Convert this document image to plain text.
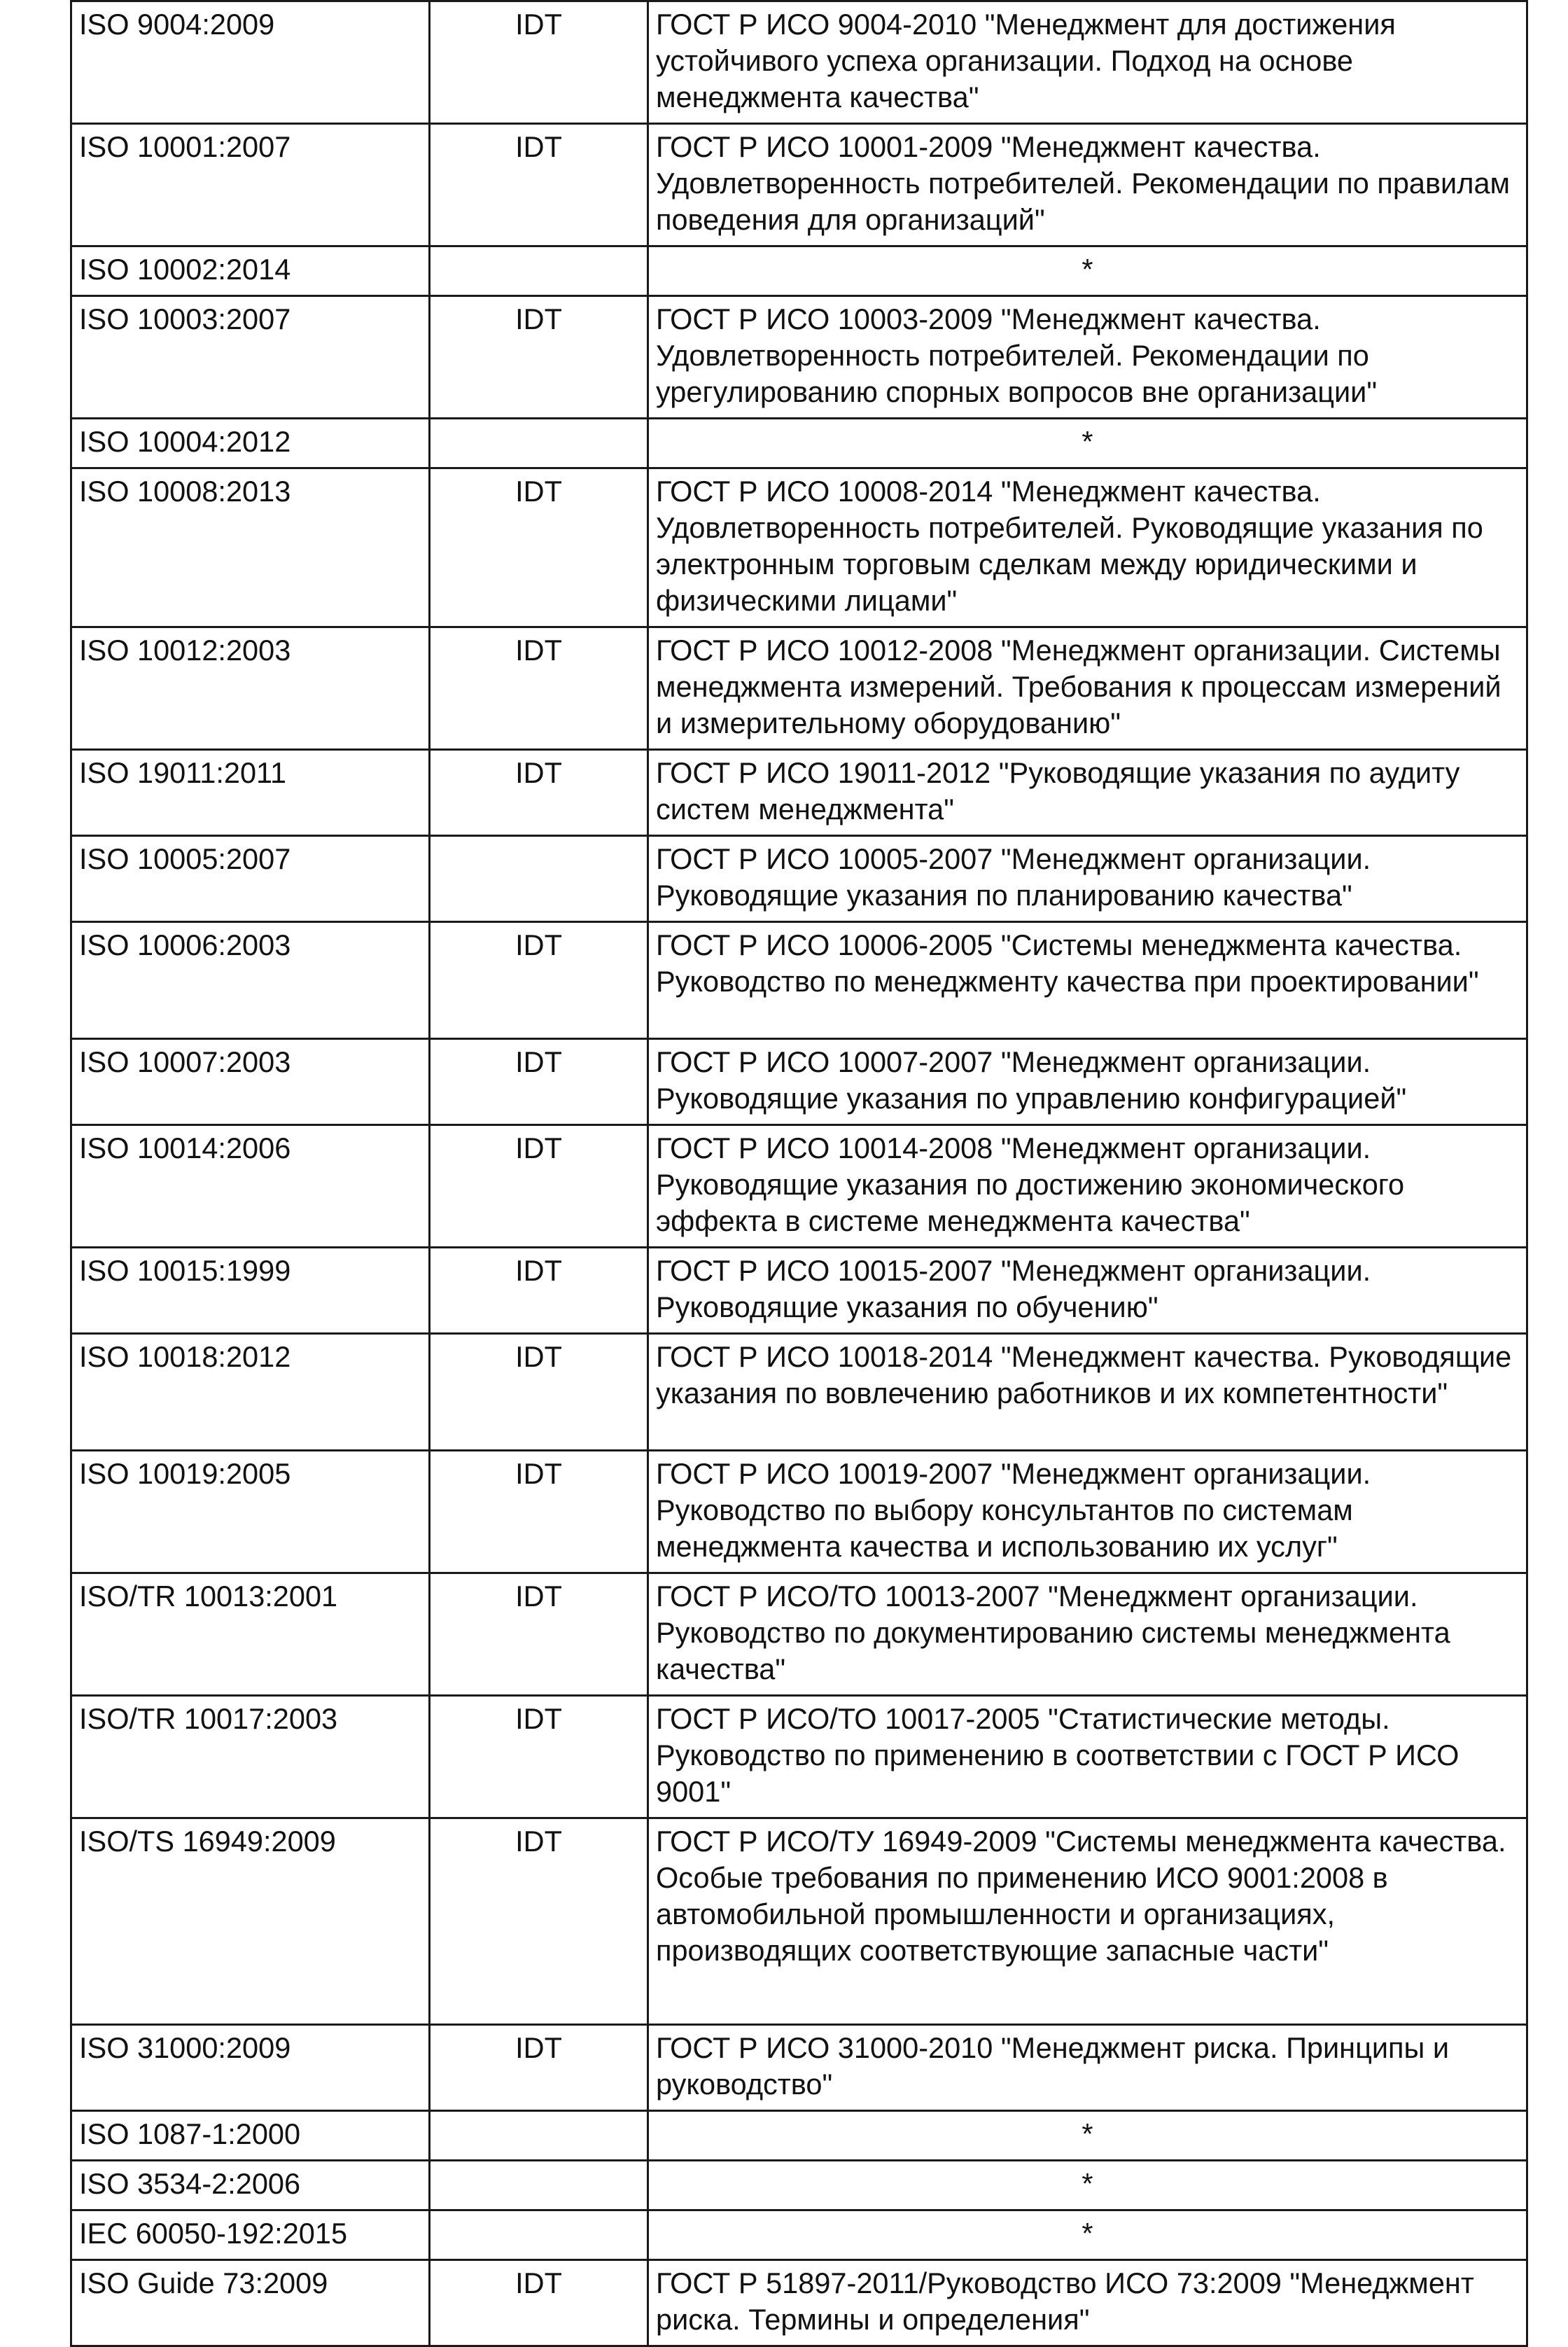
ISO 9004:2009	IDT	ГОСТ Р ИСО 9004-2010 "Менеджмент для достижения устойчивого успеха организации. Подход на основе менеджмента качества"
ISO 10001:2007	IDT	ГОСТ Р ИСО 10001-2009 "Менеджмент качества. Удовлетворенность потребителей. Рекомендации по правилам поведения для организаций"
ISO 10002:2014		*
ISO 10003:2007	IDT	ГОСТ Р ИСО 10003-2009 "Менеджмент качества. Удовлетворенность потребителей. Рекомендации по урегулированию спорных вопросов вне организации"
ISO 10004:2012		*
ISO 10008:2013	IDT	ГОСТ Р ИСО 10008-2014 "Менеджмент качества. Удовлетворенность потребителей. Руководящие указания по электронным торговым сделкам между юридическими и физическими лицами"
ISO 10012:2003	IDT	ГОСТ Р ИСО 10012-2008 "Менеджмент организации. Системы менеджмента измерений. Требования к процессам измерений и измерительному оборудованию"
ISO 19011:2011	IDT	ГОСТ Р ИСО 19011-2012 "Руководящие указания по аудиту систем менеджмента"
ISO 10005:2007		ГОСТ Р ИСО 10005-2007 "Менеджмент организации. Руководящие указания по планированию качества"
ISO 10006:2003	IDT	ГОСТ Р ИСО 10006-2005 "Системы менеджмента качества. Руководство по менеджменту качества при проектировании"
ISO 10007:2003	IDT	ГОСТ Р ИСО 10007-2007 "Менеджмент организации. Руководящие указания по управлению конфигурацией"
ISO 10014:2006	IDT	ГОСТ Р ИСО 10014-2008 "Менеджмент организации. Руководящие указания по достижению экономического эффекта в системе менеджмента качества"
ISO 10015:1999	IDT	ГОСТ Р ИСО 10015-2007 "Менеджмент организации. Руководящие указания по обучению"
ISO 10018:2012	IDT	ГОСТ Р ИСО 10018-2014 "Менеджмент качества. Руководящие указания по вовлечению работников и их компетентности"
ISO 10019:2005	IDT	ГОСТ Р ИСО 10019-2007 "Менеджмент организации. Руководство по выбору консультантов по системам менеджмента качества и использованию их услуг"
ISO/TR 10013:2001	IDT	ГОСТ Р ИСО/ТО 10013-2007 "Менеджмент организации. Руководство по документированию системы менеджмента качества"
ISO/TR 10017:2003	IDT	ГОСТ Р ИСО/ТО 10017-2005 "Статистические методы. Руководство по применению в соответствии с ГОСТ Р ИСО 9001"
ISO/TS 16949:2009	IDT	ГОСТ Р ИСО/ТУ 16949-2009 "Системы менеджмента качества. Особые требования по применению ИСО 9001:2008 в автомобильной промышленности и организациях, производящих соответствующие запасные части"
ISO 31000:2009	IDT	ГОСТ Р ИСО 31000-2010 "Менеджмент риска. Принципы и руководство"
ISO 1087-1:2000		*
ISO 3534-2:2006		*
IEC 60050-192:2015		*
ISO Guide 73:2009	IDT	ГОСТ Р 51897-2011/Руководство ИСО 73:2009 "Менеджмент риска. Термины и определения"
